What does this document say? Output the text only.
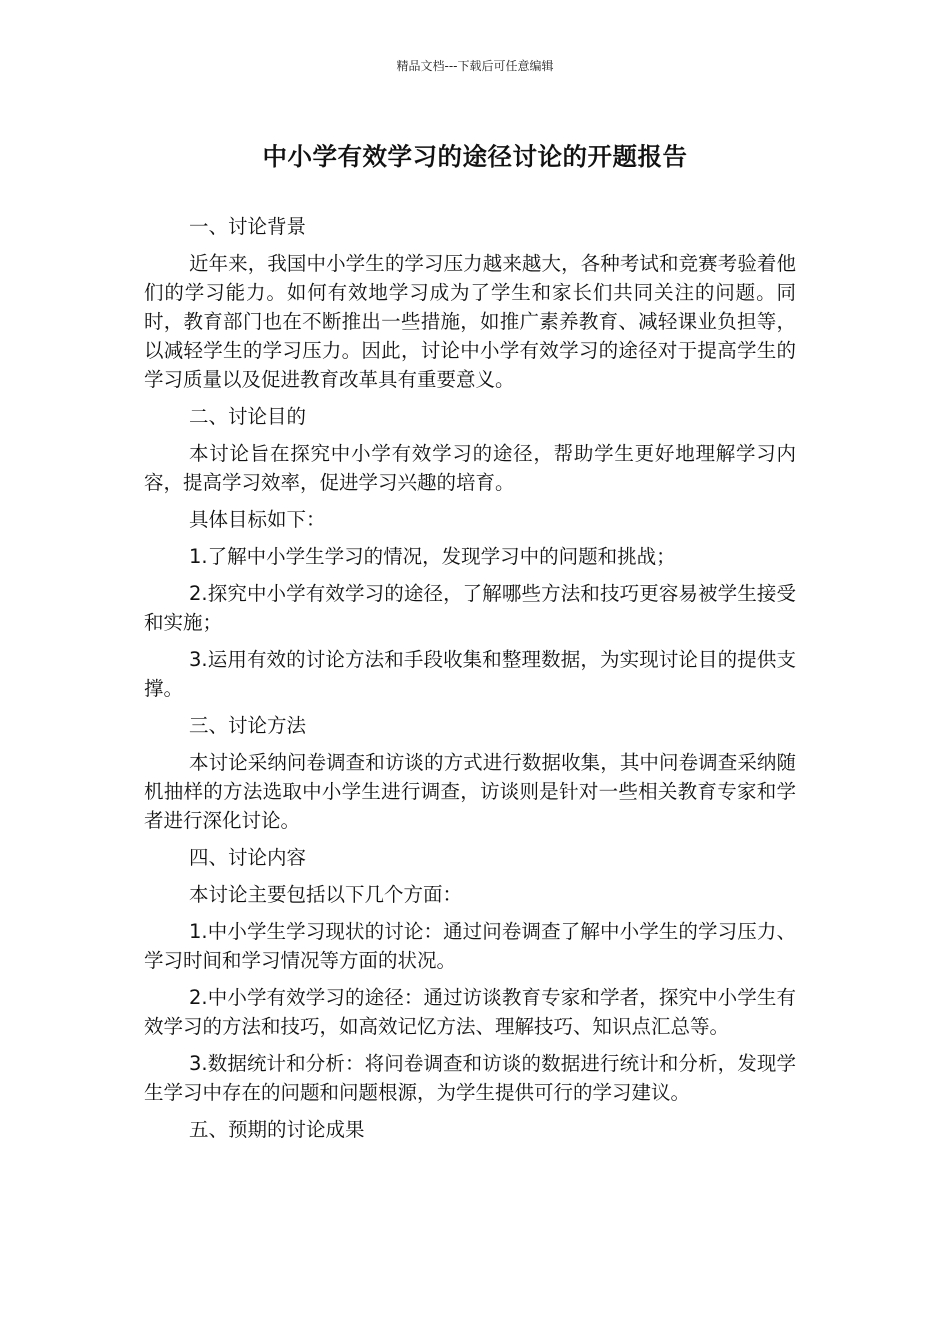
精品文档---下载后可任意编辑
中小学有效学习的途径讨论的开题报告

一、讨论背景

近年来，我国中小学生的学习压力越来越大，各种考试和竞赛考验着他们的学习能力。如何有效地学习成为了学生和家长们共同关注的问题。同时，教育部门也在不断推出一些措施，如推广素养教育、减轻课业负担等，以减轻学生的学习压力。因此，讨论中小学有效学习的途径对于提高学生的学习质量以及促进教育改革具有重要意义。

二、讨论目的

本讨论旨在探究中小学有效学习的途径，帮助学生更好地理解学习内容，提高学习效率，促进学习兴趣的培育。

具体目标如下：

1.了解中小学生学习的情况，发现学习中的问题和挑战；

2.探究中小学有效学习的途径，了解哪些方法和技巧更容易被学生接受和实施；

3.运用有效的讨论方法和手段收集和整理数据，为实现讨论目的提供支撑。

三、讨论方法

本讨论采纳问卷调查和访谈的方式进行数据收集，其中问卷调查采纳随机抽样的方法选取中小学生进行调查，访谈则是针对一些相关教育专家和学者进行深化讨论。

四、讨论内容

本讨论主要包括以下几个方面：

1.中小学生学习现状的讨论：通过问卷调查了解中小学生的学习压力、学习时间和学习情况等方面的状况。

2.中小学有效学习的途径：通过访谈教育专家和学者，探究中小学生有效学习的方法和技巧，如高效记忆方法、理解技巧、知识点汇总等。

3.数据统计和分析：将问卷调查和访谈的数据进行统计和分析，发现学生学习中存在的问题和问题根源，为学生提供可行的学习建议。

五、预期的讨论成果
